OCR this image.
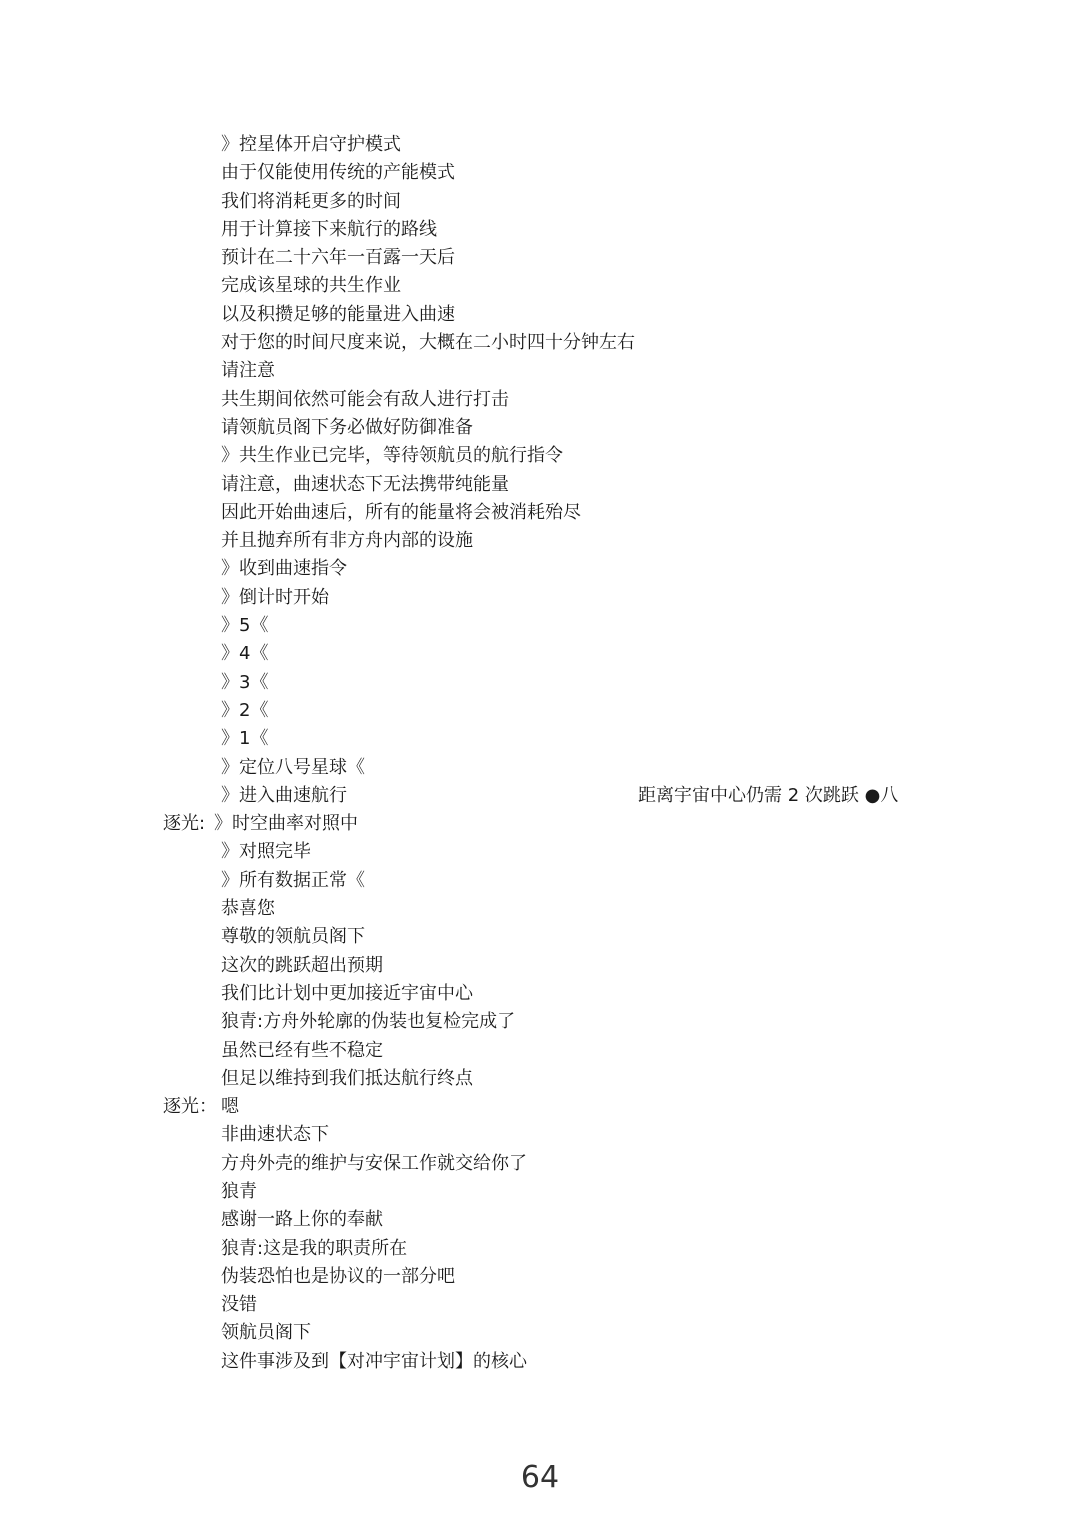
》控星体开启守护模式
由于仅能使用传统的产能模式
我们将消耗更多的时间
用于计算接下来航行的路线
预计在二十六年一百露一天后
完成该星球的共生作业
以及积攒足够的能量进入曲速
对于您的时间尺度来说，大概在二小时四十分钟左右
请注意
共生期间依然可能会有敌人进行打击
请领航员阁下务必做好防御准备
》共生作业已完毕，等待领航员的航行指令
请注意，曲速状态下无法携带纯能量
因此开始曲速后，所有的能量将会被消耗殆尽
并且抛弃所有非方舟内部的设施
》收到曲速指令
》倒计时开始
》5《
》4《
》3《
》2《
》1《
》定位八号星球《
》进入曲速航行	距离宇宙中心仍需 2 次跳跃 ●八
逐光: 》时空曲率对照中
》对照完毕
》所有数据正常《
恭喜您
尊敬的领航员阁下
这次的跳跃超出预期
我们比计划中更加接近宇宙中心
狼青:方舟外轮廓的伪装也复检完成了
虽然已经有些不稳定
但足以维持到我们抵达航行终点
逐光： 嗯
非曲速状态下
方舟外壳的维护与安保工作就交给你了
狼青
感谢一路上你的奉献
狼青:这是我的职责所在
伪装恐怕也是协议的一部分吧
没错
领航员阁下
这件事涉及到【对冲宇宙计划】的核心
64
